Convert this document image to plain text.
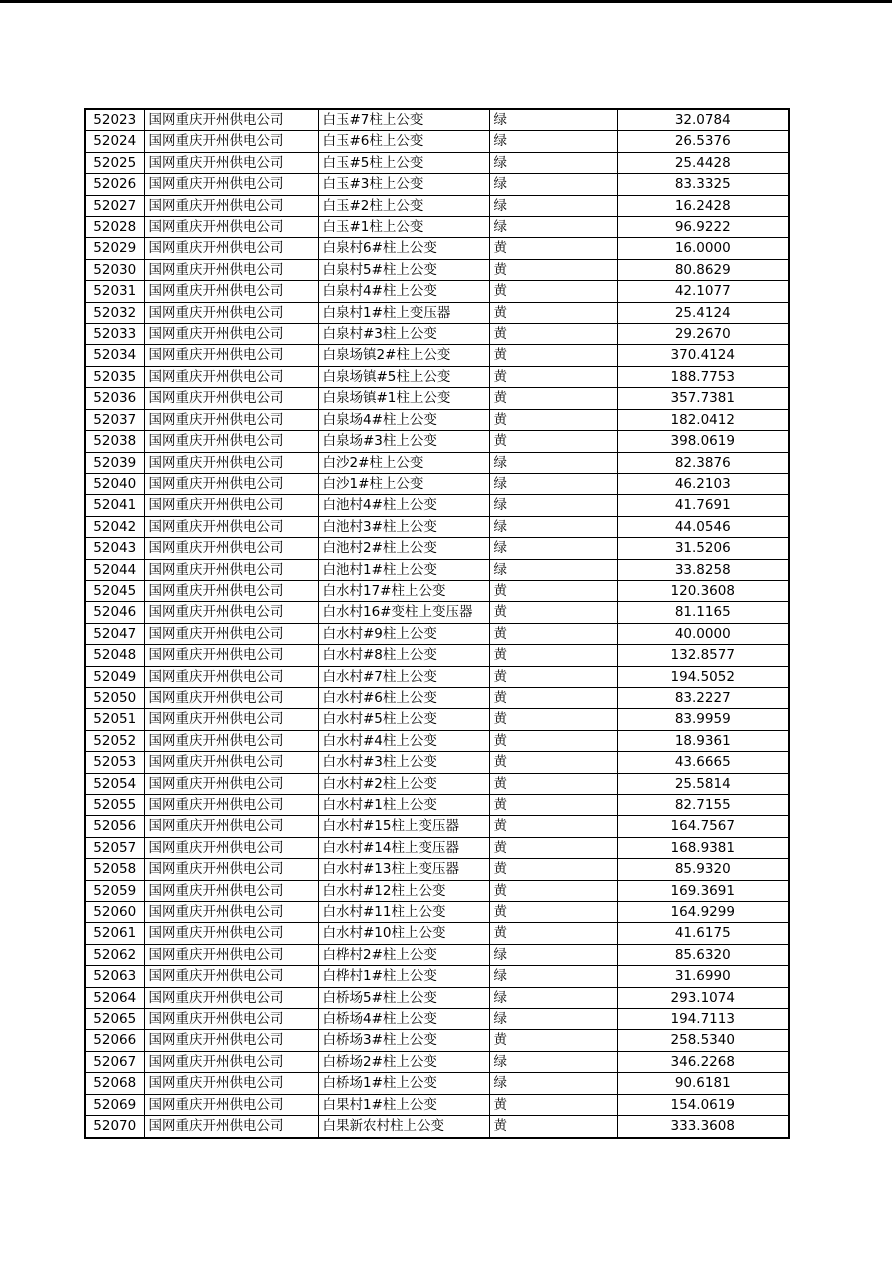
52023	国网重庆开州供电公司	白玉#7柱上公变	绿	32.0784
52024	国网重庆开州供电公司	白玉#6柱上公变	绿	26.5376
52025	国网重庆开州供电公司	白玉#5柱上公变	绿	25.4428
52026	国网重庆开州供电公司	白玉#3柱上公变	绿	83.3325
52027	国网重庆开州供电公司	白玉#2柱上公变	绿	16.2428
52028	国网重庆开州供电公司	白玉#1柱上公变	绿	96.9222
52029	国网重庆开州供电公司	白泉村6#柱上公变	黄	16.0000
52030	国网重庆开州供电公司	白泉村5#柱上公变	黄	80.8629
52031	国网重庆开州供电公司	白泉村4#柱上公变	黄	42.1077
52032	国网重庆开州供电公司	白泉村1#柱上变压器	黄	25.4124
52033	国网重庆开州供电公司	白泉村#3柱上公变	黄	29.2670
52034	国网重庆开州供电公司	白泉场镇2#柱上公变	黄	370.4124
52035	国网重庆开州供电公司	白泉场镇#5柱上公变	黄	188.7753
52036	国网重庆开州供电公司	白泉场镇#1柱上公变	黄	357.7381
52037	国网重庆开州供电公司	白泉场4#柱上公变	黄	182.0412
52038	国网重庆开州供电公司	白泉场#3柱上公变	黄	398.0619
52039	国网重庆开州供电公司	白沙2#柱上公变	绿	82.3876
52040	国网重庆开州供电公司	白沙1#柱上公变	绿	46.2103
52041	国网重庆开州供电公司	白池村4#柱上公变	绿	41.7691
52042	国网重庆开州供电公司	白池村3#柱上公变	绿	44.0546
52043	国网重庆开州供电公司	白池村2#柱上公变	绿	31.5206
52044	国网重庆开州供电公司	白池村1#柱上公变	绿	33.8258
52045	国网重庆开州供电公司	白水村17#柱上公变	黄	120.3608
52046	国网重庆开州供电公司	白水村16#变柱上变压器	黄	81.1165
52047	国网重庆开州供电公司	白水村#9柱上公变	黄	40.0000
52048	国网重庆开州供电公司	白水村#8柱上公变	黄	132.8577
52049	国网重庆开州供电公司	白水村#7柱上公变	黄	194.5052
52050	国网重庆开州供电公司	白水村#6柱上公变	黄	83.2227
52051	国网重庆开州供电公司	白水村#5柱上公变	黄	83.9959
52052	国网重庆开州供电公司	白水村#4柱上公变	黄	18.9361
52053	国网重庆开州供电公司	白水村#3柱上公变	黄	43.6665
52054	国网重庆开州供电公司	白水村#2柱上公变	黄	25.5814
52055	国网重庆开州供电公司	白水村#1柱上公变	黄	82.7155
52056	国网重庆开州供电公司	白水村#15柱上变压器	黄	164.7567
52057	国网重庆开州供电公司	白水村#14柱上变压器	黄	168.9381
52058	国网重庆开州供电公司	白水村#13柱上变压器	黄	85.9320
52059	国网重庆开州供电公司	白水村#12柱上公变	黄	169.3691
52060	国网重庆开州供电公司	白水村#11柱上公变	黄	164.9299
52061	国网重庆开州供电公司	白水村#10柱上公变	黄	41.6175
52062	国网重庆开州供电公司	白桦村2#柱上公变	绿	85.6320
52063	国网重庆开州供电公司	白桦村1#柱上公变	绿	31.6990
52064	国网重庆开州供电公司	白桥场5#柱上公变	绿	293.1074
52065	国网重庆开州供电公司	白桥场4#柱上公变	绿	194.7113
52066	国网重庆开州供电公司	白桥场3#柱上公变	黄	258.5340
52067	国网重庆开州供电公司	白桥场2#柱上公变	绿	346.2268
52068	国网重庆开州供电公司	白桥场1#柱上公变	绿	90.6181
52069	国网重庆开州供电公司	白果村1#柱上公变	黄	154.0619
52070	国网重庆开州供电公司	白果新农村柱上公变	黄	333.3608
